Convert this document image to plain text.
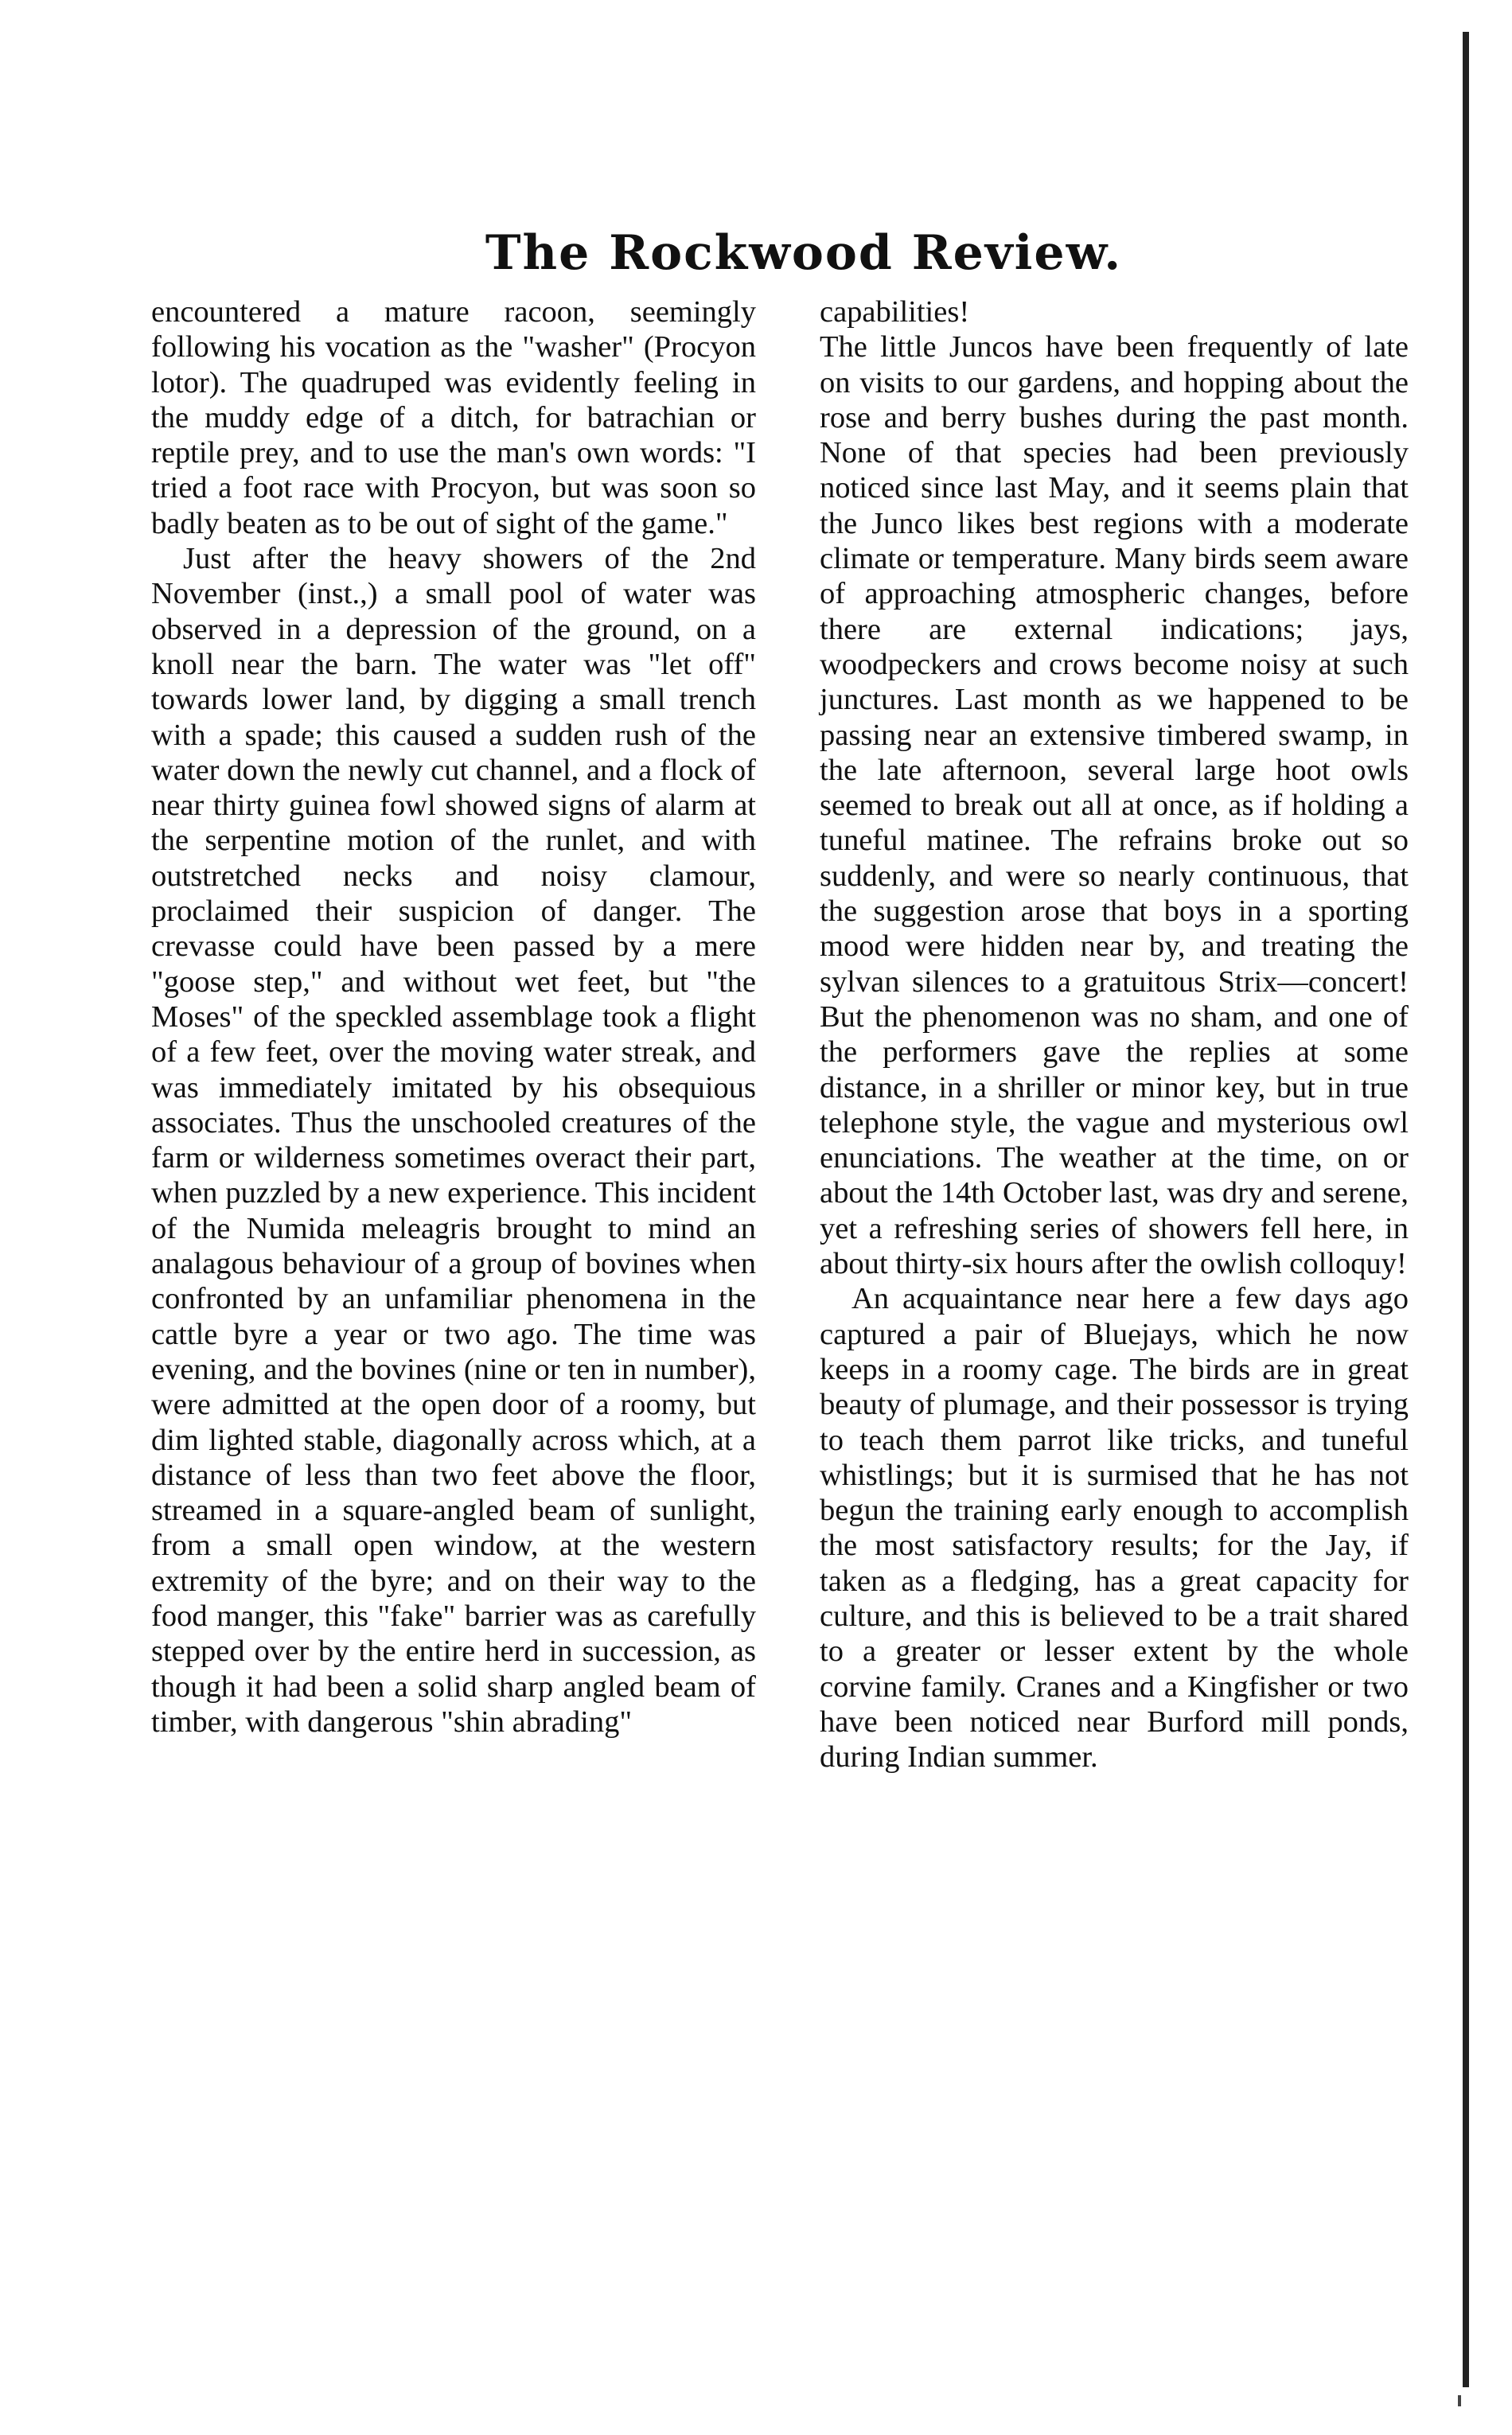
The Rockwood Review.

encountered a mature racoon, seemingly following his vocation as the "washer" (Procyon lotor). The quadruped was evidently feeling in the muddy edge of a ditch, for batrachian or reptile prey, and to use the man's own words: "I tried a foot race with Procyon, but was soon so badly beaten as to be out of sight of the game."

Just after the heavy showers of the 2nd November (inst.,) a small pool of water was observed in a depression of the ground, on a knoll near the barn. The water was "let off" towards lower land, by digging a small trench with a spade; this caused a sudden rush of the water down the newly cut channel, and a flock of near thirty guinea fowl showed signs of alarm at the serpentine motion of the runlet, and with outstretched necks and noisy clamour, proclaimed their suspicion of danger. The crevasse could have been passed by a mere "goose step," and without wet feet, but "the Moses" of the speckled assemblage took a flight of a few feet, over the moving water streak, and was immediately imitated by his obsequious associates. Thus the unschooled creatures of the farm or wilderness sometimes overact their part, when puzzled by a new experience. This incident of the Numida meleagris brought to mind an analagous behaviour of a group of bovines when confronted by an unfamiliar phenomena in the cattle byre a year or two ago. The time was evening, and the bovines (nine or ten in number), were admitted at the open door of a roomy, but dim lighted stable, diagonally across which, at a distance of less than two feet above the floor, streamed in a square-angled beam of sunlight, from a small open window, at the western extremity of the byre; and on their way to the food manger, this "fake" barrier was as carefully stepped over by the entire herd in succession, as though it had been a solid sharp angled beam of timber, with dangerous "shin abrading"

capabilities!

The little Juncos have been frequently of late on visits to our gardens, and hopping about the rose and berry bushes during the past month. None of that species had been previously noticed since last May, and it seems plain that the Junco likes best regions with a moderate climate or temperature. Many birds seem aware of approaching atmospheric changes, before there are external indications; jays, woodpeckers and crows become noisy at such junctures. Last month as we happened to be passing near an extensive timbered swamp, in the late afternoon, several large hoot owls seemed to break out all at once, as if holding a tuneful matinee. The refrains broke out so suddenly, and were so nearly continuous, that the suggestion arose that boys in a sporting mood were hidden near by, and treating the sylvan silences to a gratuitous Strix—concert! But the phenomenon was no sham, and one of the performers gave the replies at some distance, in a shriller or minor key, but in true telephone style, the vague and mysterious owl enunciations. The weather at the time, on or about the 14th October last, was dry and serene, yet a refreshing series of showers fell here, in about thirty-six hours after the owlish colloquy!

An acquaintance near here a few days ago captured a pair of Bluejays, which he now keeps in a roomy cage. The birds are in great beauty of plumage, and their possessor is trying to teach them parrot like tricks, and tuneful whistlings; but it is surmised that he has not begun the training early enough to accomplish the most satisfactory results; for the Jay, if taken as a fledging, has a great capacity for culture, and this is believed to be a trait shared to a greater or lesser extent by the whole corvine family. Cranes and a Kingfisher or two have been noticed near Burford mill ponds, during Indian summer.
